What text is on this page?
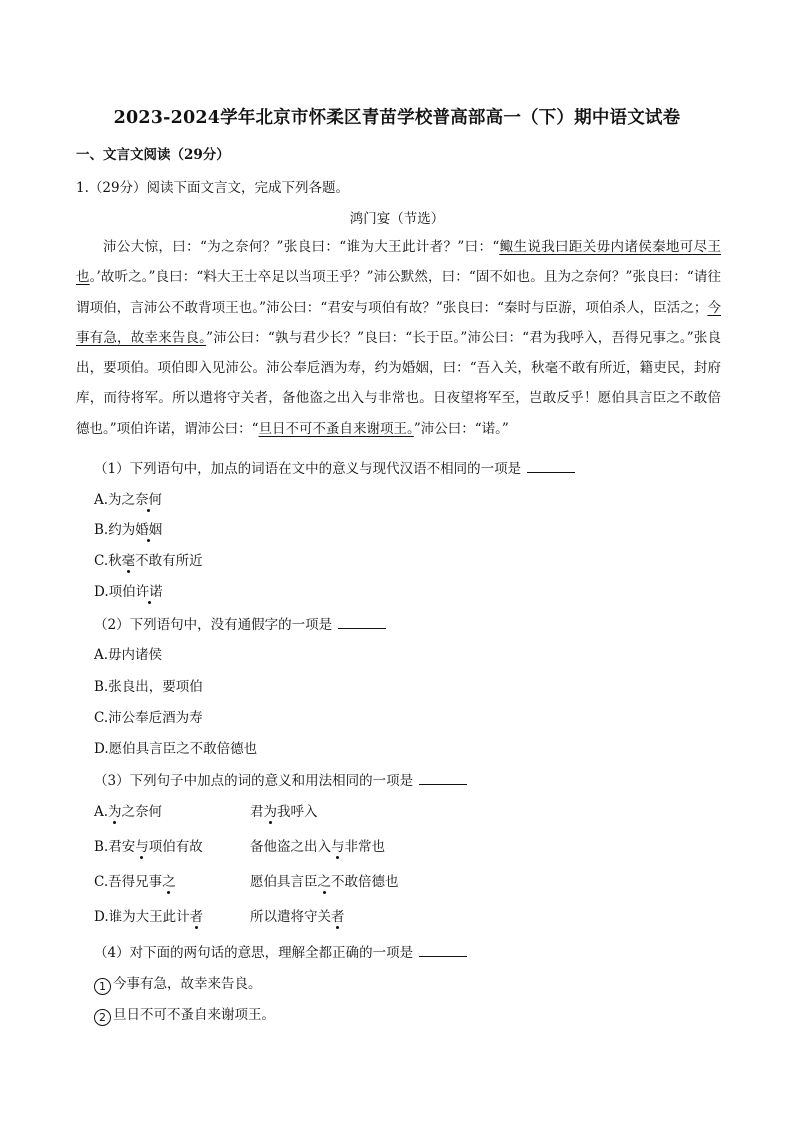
2023-2024学年北京市怀柔区青苗学校普高部高一（下）期中语文试卷
一、文言文阅读（29分）
1.（29分）阅读下面文言文，完成下列各题。
鸿门宴（节选）
沛公大惊，曰：“为之奈何？”张良曰：“谁为大王此计者？”曰：“鲰生说我曰距关毋内诸侯秦地可尽王也。’故听之。”良曰：“料大王士卒足以当项王乎？”沛公默然，曰：“固不如也。且为之奈何？”张良曰：“请往谓项伯，言沛公不敢背项王也。”沛公曰：“君安与项伯有故？”张良曰：“秦时与臣游，项伯杀人，臣活之；今事有急，故幸来告良。”沛公曰：“孰与君少长？”良曰：“长于臣。”沛公曰：“君为我呼入，吾得兄事之。”张良出，要项伯。项伯即入见沛公。沛公奉卮酒为寿，约为婚姻，曰：“吾入关，秋毫不敢有所近，籍吏民，封府库，而待将军。所以遣将守关者，备他盗之出入与非常也。日夜望将军至，岂敢反乎！愿伯具言臣之不敢倍德也。”项伯许诺，谓沛公曰：“旦日不可不蚤自来谢项王。”沛公曰：“诺。”
（1）下列语句中，加点的词语在文中的意义与现代汉语不相同的一项是
A.为之奈何
B.约为婚姻
C.秋毫不敢有所近
D.项伯许诺
（2）下列语句中，没有通假字的一项是
A.毋内诸侯
B.张良出，要项伯
C.沛公奉卮酒为寿
D.愿伯具言臣之不敢倍德也
（3）下列句子中加点的词的意义和用法相同的一项是
A.为之奈何	君为我呼入
B.君安与项伯有故	备他盗之出入与非常也
C.吾得兄事之	愿伯具言臣之不敢倍德也
D.谁为大王此计者	所以遣将守关者
（4）对下面的两句话的意思，理解全都正确的一项是
1 今事有急，故幸来告良。
2 旦日不可不蚤自来谢项王。
